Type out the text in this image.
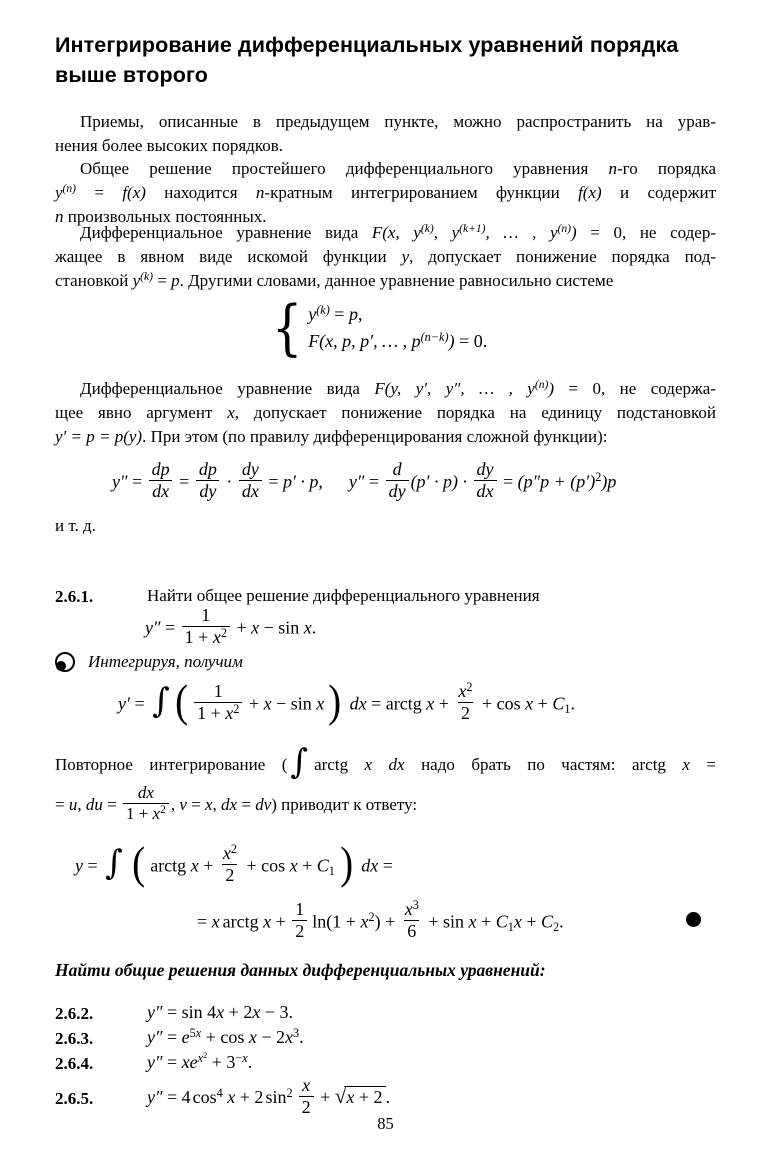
Интегрирование дифференциальных уравнений порядка
выше второго
Приемы, описанные в предыдущем пункте, можно распространить на урав-
нения более высоких порядков.
Общее решение простейшего дифференциального уравнения n-го порядка
$y^{(n)} = f(x)$ находится n-кратным интегрированием функции f(x) и содержит
n произвольных постоянных.
Дифференциальное уравнение вида F(x, $y^{(k)}$, $y^{(k+1)}$, … , $y^{(n)}) = 0$, не содер-
жащее в явном виде искомой функции y, допускает понижение порядка под-
становкой $y^{(k)} = p$. Другими словами, данное уравнение равносильно системе
{ $y^{(k)} = p$,
F(x, p, p′, … , $p^{(n-k)}) = 0$.
Дифференциальное уравнение вида F(y, y′, y″, … , $y^{(n)}) = 0$, не содержа-
щее явно аргумент x, допускает понижение порядка на единицу подстановкой
y′ = p = p(y). При этом (по правилу дифференцирования сложной функции):
$y'' = \frac{dp}{dx} = \frac{dp}{dy} \cdot \frac{dy}{dx} = p' \cdot p$, $y'' = \frac{d}{dy} (p' \cdot p) \cdot \frac{dy}{dx} = (p''p + (p')^2)p$
и т. д.
2.6.1.	Найти общее решение дифференциального уравнения
$y'' = \frac{1}{1 + x^2} + x - \sin x$.
Интегрируя, получим
y′ = ∫ ( $\frac{1}{1 + x^2} + x - \sin x$) dx = arctg $x + \frac{x^2}{2} + \cos x + C_1$.
Повторное интегрирование (∫ arctg x dx надо брать по частям: arctg x =
= u, du = $\frac{dx}{1 + x^2}$ , v = x, dx = dv) приводит к ответу:
y = ∫ ( arctg $x + \frac{x^2}{2} + \cos x + C_1$ ) dx =
= x arctg $x + \frac{1}{2} \ln(1 + x^2) + \frac{x^3}{6} + \sin x + C_1x + C_2$.
Найти общие решения данных дифференциальных уравнений:
2.6.2.	y″ = sin 4x + 2x − 3.
2.6.3.	$y'' = e^{5x} + \cos x - 2x^3$.
2.6.4.	$y'' = xe^{x^2} + 3^{-x}$.
2.6.5.	y″ = 4 $\cos^4 x + 2$ $\sin^2 \frac{x}{2}$ + √ x + 2 .
85
